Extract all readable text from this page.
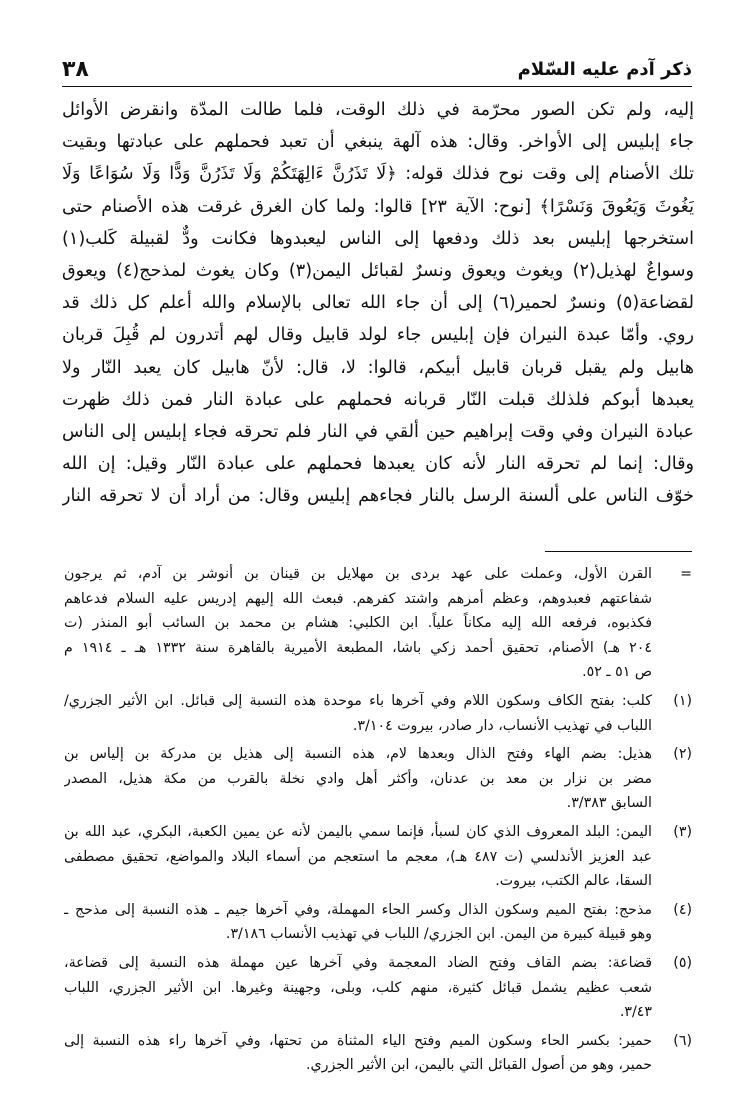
ذكر آدم عليه السّلام
٣٨
إليه، ولم تكن الصور محرّمة في ذلك الوقت، فلما طالت المدّة وانقرض الأوائل
جاء إبليس إلى الأواخر. وقال: هذه آلهة ينبغي أن تعبد فحملهم على عبادتها وبقيت
تلك الأصنام إلى وقت نوح فذلك قوله: ﴿لَا تَذَرُنَّ ءَالِهَتَكُمْ وَلَا تَذَرُنَّ وَدًّا وَلَا سُوَاعًا وَلَا
يَغُوثَ وَيَعُوقَ وَنَسْرًا﴾ [نوح: الآية ٢٣] قالوا: ولما كان الغرق غرقت هذه الأصنام حتى
استخرجها إبليس بعد ذلك ودفعها إلى الناس ليعبدوها فكانت ودٌّ لقبيلة كَلب(١)
وسواعٌ لهذيل(٢) ويغوث ويعوق ونسرٌ لقبائل اليمن(٣) وكان يغوث لمذحج(٤) ويعوق
لقضاعة(٥) ونسرٌ لحمير(٦) إلى أن جاء الله تعالى بالإسلام والله أعلم كل ذلك قد
روي. وأمّا عبدة النيران فإن إبليس جاء لولد قابيل وقال لهم أتدرون لم قُبِلَ قربان
هابيل ولم يقبل قربان قابيل أبيكم، قالوا: لا، قال: لأنّ هابيل كان يعبد النّار ولا
يعبدها أبوكم فلذلك قبلت النّار قربانه فحملهم على عبادة النار فمن ذلك ظهرت
عبادة النيران وفي وقت إبراهيم حين ألقي في النار فلم تحرقه فجاء إبليس إلى الناس
وقال: إنما لم تحرقه النار لأنه كان يعبدها فحملهم على عبادة النّار وقيل: إن الله
خوّف الناس على ألسنة الرسل بالنار فجاءهم إبليس وقال: من أراد أن لا تحرقه النار
=
القرن الأول، وعملت على عهد بردى بن مهلايل بن قينان بن أنوشر بن آدم، ثم يرجون
شفاعتهم فعبدوهم، وعظم أمرهم واشتد كفرهم. فبعث الله إليهم إدريس عليه السلام فدعاهم
فكذبوه، فرفعه الله إليه مكاناً علياً. ابن الكلبي: هشام بن محمد بن السائب أبو المنذر (ت
٢٠٤ هـ) الأصنام، تحقيق أحمد زكي باشا، المطبعة الأميرية بالقاهرة سنة ١٣٣٢ هـ ـ ١٩١٤ م
ص ٥١ ـ ٥٢.
(١)
كلب: بفتح الكاف وسكون اللام وفي آخرها باء موحدة هذه النسبة إلى قبائل. ابن الأثير الجزري/
اللباب في تهذيب الأنساب، دار صادر، بيروت ٣/١٠٤.
(٢)
هذيل: بضم الهاء وفتح الذال وبعدها لام، هذه النسبة إلى هذيل بن مدركة بن إلياس بن
مضر بن نزار بن معد بن عدنان، وأكثر أهل وادي نخلة بالقرب من مكة هذيل، المصدر
السابق ٣/٣٨٣.
(٣)
اليمن: البلد المعروف الذي كان لسبأ، فإنما سمي باليمن لأنه عن يمين الكعبة، البكري، عبد الله بن
عبد العزيز الأندلسي (ت ٤٨٧ هـ)، معجم ما استعجم من أسماء البلاد والمواضع، تحقيق مصطفى
السقا، عالم الكتب، بيروت.
(٤)
مذحج: بفتح الميم وسكون الذال وكسر الحاء المهملة، وفي آخرها جيم ـ هذه النسبة إلى مذحج ـ
وهو قبيلة كبيرة من اليمن. ابن الجزري/ اللباب في تهذيب الأنساب ٣/١٨٦.
(٥)
قضاعة: بضم القاف وفتح الضاد المعجمة وفي آخرها عين مهملة هذه النسبة إلى قضاعة،
شعب عظيم يشمل قبائل كثيرة، منهم كلب، وبلى، وجهينة وغيرها. ابن الأثير الجزري، اللباب
٣/٤٣.
(٦)
حمير: بكسر الحاء وسكون الميم وفتح الياء المثناة من تحتها، وفي آخرها راء هذه النسبة إلى
حمير، وهو من أصول القبائل التي باليمن، ابن الأثير الجزري.
